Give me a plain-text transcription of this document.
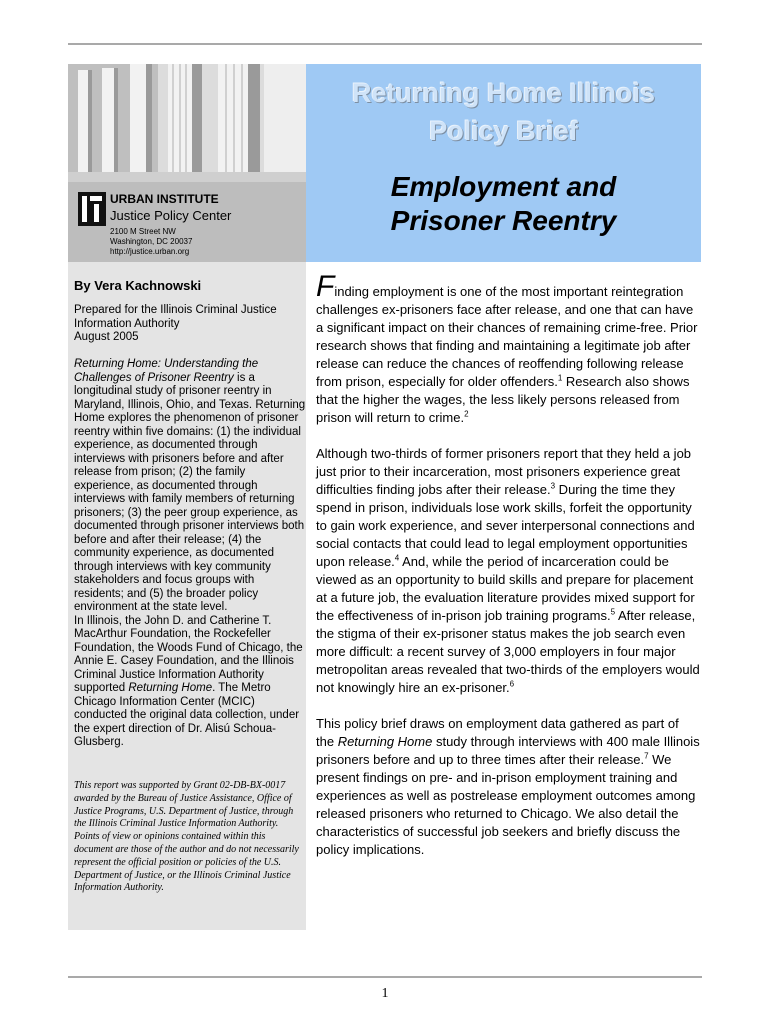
URBAN INSTITUTE
Justice Policy Center
2100 M Street NW
Washington, DC 20037
http://justice.urban.org
Returning Home Illinois
Policy Brief
Employment and
Prisoner Reentry
By Vera Kachnowski
Prepared for the Illinois Criminal Justice
Information Authority
August 2005
Returning Home: Understanding the Challenges of Prisoner Reentry is a longitudinal study of prisoner reentry in Maryland, Illinois, Ohio, and Texas. Returning Home explores the phenomenon of prisoner reentry within five domains: (1) the individual experience, as documented through interviews with prisoners before and after release from prison; (2) the family experience, as documented through interviews with family members of returning prisoners; (3) the peer group experience, as documented through prisoner interviews both before and after their release; (4) the community experience, as documented through interviews with key community stakeholders and focus groups with residents; and (5) the broader policy environment at the state level.
In Illinois, the John D. and Catherine T. MacArthur Foundation, the Rockefeller Foundation, the Woods Fund of Chicago, the Annie E. Casey Foundation, and the Illinois Criminal Justice Information Authority supported Returning Home. The Metro Chicago Information Center (MCIC) conducted the original data collection, under the expert direction of Dr. Alisú Schoua-Glusberg.
This report was supported by Grant 02-DB-BX-0017 awarded by the Bureau of Justice Assistance, Office of Justice Programs, U.S. Department of Justice, through the Illinois Criminal Justice Information Authority. Points of view or opinions contained within this document are those of the author and do not necessarily represent the official position or policies of the U.S. Department of Justice, or the Illinois Criminal Justice Information Authority.

Finding employment is one of the most important reintegration challenges ex-prisoners face after release, and one that can have a significant impact on their chances of remaining crime-free. Prior research shows that finding and maintaining a legitimate job after release can reduce the chances of reoffending following release from prison, especially for older offenders.$^1$ Research also shows that the higher the wages, the less likely persons released from prison will return to crime.$^2$

Although two-thirds of former prisoners report that they held a job just prior to their incarceration, most prisoners experience great difficulties finding jobs after their release.$^3$ During the time they spend in prison, individuals lose work skills, forfeit the opportunity to gain work experience, and sever interpersonal connections and social contacts that could lead to legal employment opportunities upon release.$^4$ And, while the period of incarceration could be viewed as an opportunity to build skills and prepare for placement at a future job, the evaluation literature provides mixed support for the effectiveness of in-prison job training programs.$^5$ After release, the stigma of their ex-prisoner status makes the job search even more difficult: a recent survey of 3,000 employers in four major metropolitan areas revealed that two-thirds of the employers would not knowingly hire an ex-prisoner.$^6$

This policy brief draws on employment data gathered as part of the Returning Home study through interviews with 400 male Illinois prisoners before and up to three times after their release.$^7$ We present findings on pre- and in-prison employment training and experiences as well as postrelease employment outcomes among released prisoners who returned to Chicago. We also detail the characteristics of successful job seekers and briefly discuss the policy implications.

1
